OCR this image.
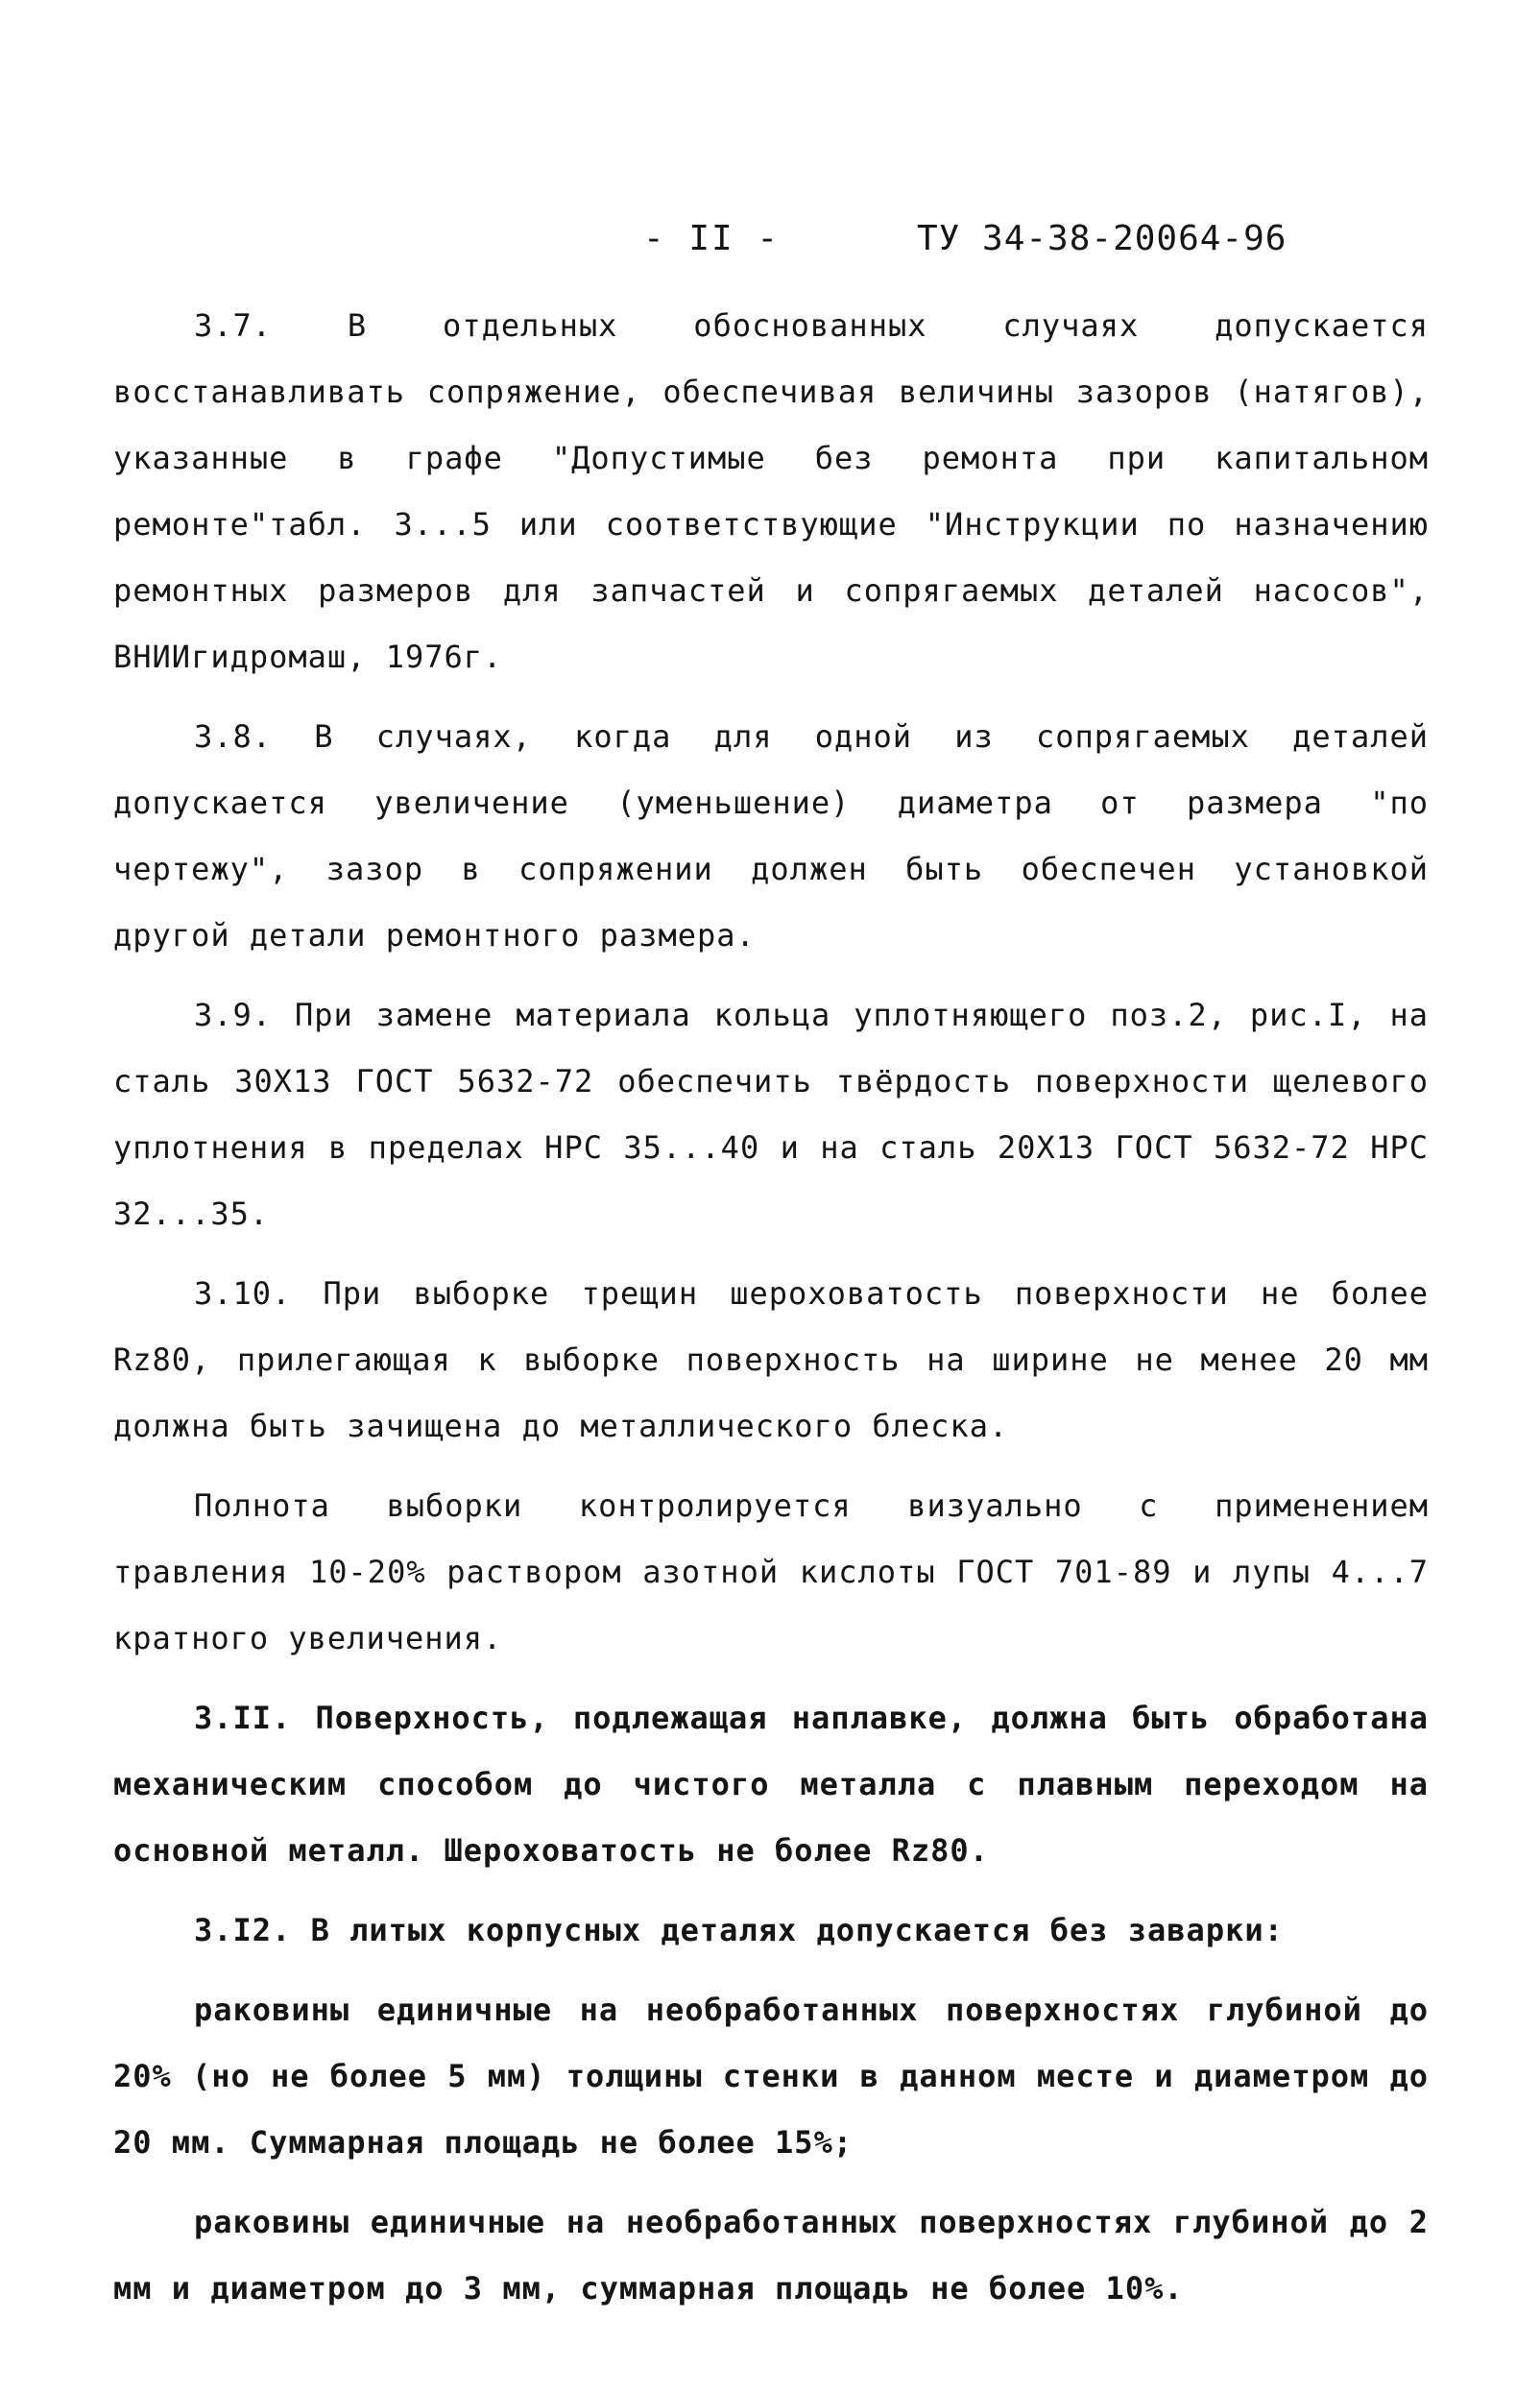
- II -	ТУ 34-38-20064-96

3.7. В отдельных обоснованных случаях допускается восстанавливать сопряжение, обеспечивая величины зазоров (натягов), указанные в графе "Допустимые без ремонта при капитальном ремонте"табл. 3...5 или соответствующие "Инструкции по назначению ремонтных размеров для запчастей и сопрягаемых деталей насосов", ВНИИгидромаш, 1976г.

3.8. В случаях, когда для одной из сопрягаемых деталей допускается увеличение (уменьшение) диаметра от размера "по чертежу", зазор в сопряжении должен быть обеспечен установкой другой детали ремонтного размера.

3.9. При замене материала кольца уплотняющего поз.2, рис.I, на сталь 30Х13 ГОСТ 5632-72 обеспечить твёрдость поверхности щелевого уплотнения в пределах НРС 35...40 и на сталь 20Х13 ГОСТ 5632-72 НРС 32...35.

3.10. При выборке трещин шероховатость поверхности не более Rz80, прилегающая к выборке поверхность на ширине не менее 20 мм должна быть зачищена до металлического блеска.

Полнота выборки контролируется визуально с применением травления 10-20% раствором азотной кислоты ГОСТ 701-89 и лупы 4...7 кратного увеличения.

3.II. Поверхность, подлежащая наплавке, должна быть обработана механическим способом до чистого металла с плавным переходом на основной металл. Шероховатость не более Rz80.

3.I2. В литых корпусных деталях допускается без заварки:

раковины единичные на необработанных поверхностях глубиной до 20% (но не более 5 мм) толщины стенки в данном месте и диаметром до 20 мм. Суммарная площадь не более 15%;

раковины единичные на необработанных поверхностях глубиной до 2 мм и диаметром до 3 мм, суммарная площадь не более 10%.
